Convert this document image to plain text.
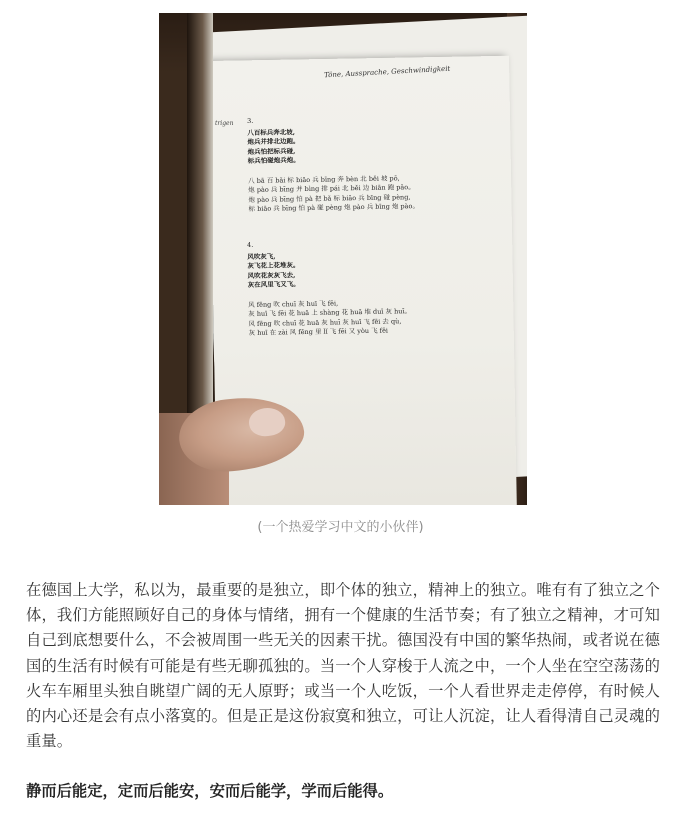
Töne, Aussprache, Geschwindigkeit
trigen 3.
八百标兵奔北坡,
炮兵并排北边跑。
炮兵怕把标兵碰,
标兵怕碰炮兵炮。
八 bā 百 bǎi 标 biāo 兵 bīng 奔 bèn 北 běi 坡 pō,
炮 pào 兵 bīng 并 bìng 排 pái 北 běi 边 biān 跑 pǎo。
炮 pào 兵 bīng 怕 pà 把 bǎ 标 biāo 兵 bīng 碰 pèng,
标 biāo 兵 bīng 怕 pà 碰 pèng 炮 pào 兵 bīng 炮 pào。
4.
风吹灰飞,
灰飞花上花堆灰。
风吹花灰灰飞去,
灰在风里飞又飞。
风 fēng 吹 chuī 灰 huī 飞 fēi,
灰 huī 飞 fēi 花 huā 上 shàng 花 huā 堆 duī 灰 huī。
风 fēng 吹 chuī 花 huā 灰 huī 灰 huī 飞 fēi 去 qù,
灰 huī 在 zài 风 fēng 里 lǐ 飞 fēi 又 yòu 飞 fēi
(一个热爱学习中文的小伙伴)
在德国上大学，私以为，最重要的是独立，即个体的独立，精神上的独立。唯有有了独立之个体，我们方能照顾好自己的身体与情绪，拥有一个健康的生活节奏；有了独立之精神，才可知自己到底想要什么，不会被周围一些无关的因素干扰。德国没有中国的繁华热闹，或者说在德国的生活有时候有可能是有些无聊孤独的。当一个人穿梭于人流之中，一个人坐在空空荡荡的火车车厢里头独自眺望广阔的无人原野；或当一个人吃饭，一个人看世界走走停停，有时候人的内心还是会有点小落寞的。但是正是这份寂寞和独立，可让人沉淀，让人看得清自己灵魂的重量。
静而后能定，定而后能安，安而后能学，学而后能得。
